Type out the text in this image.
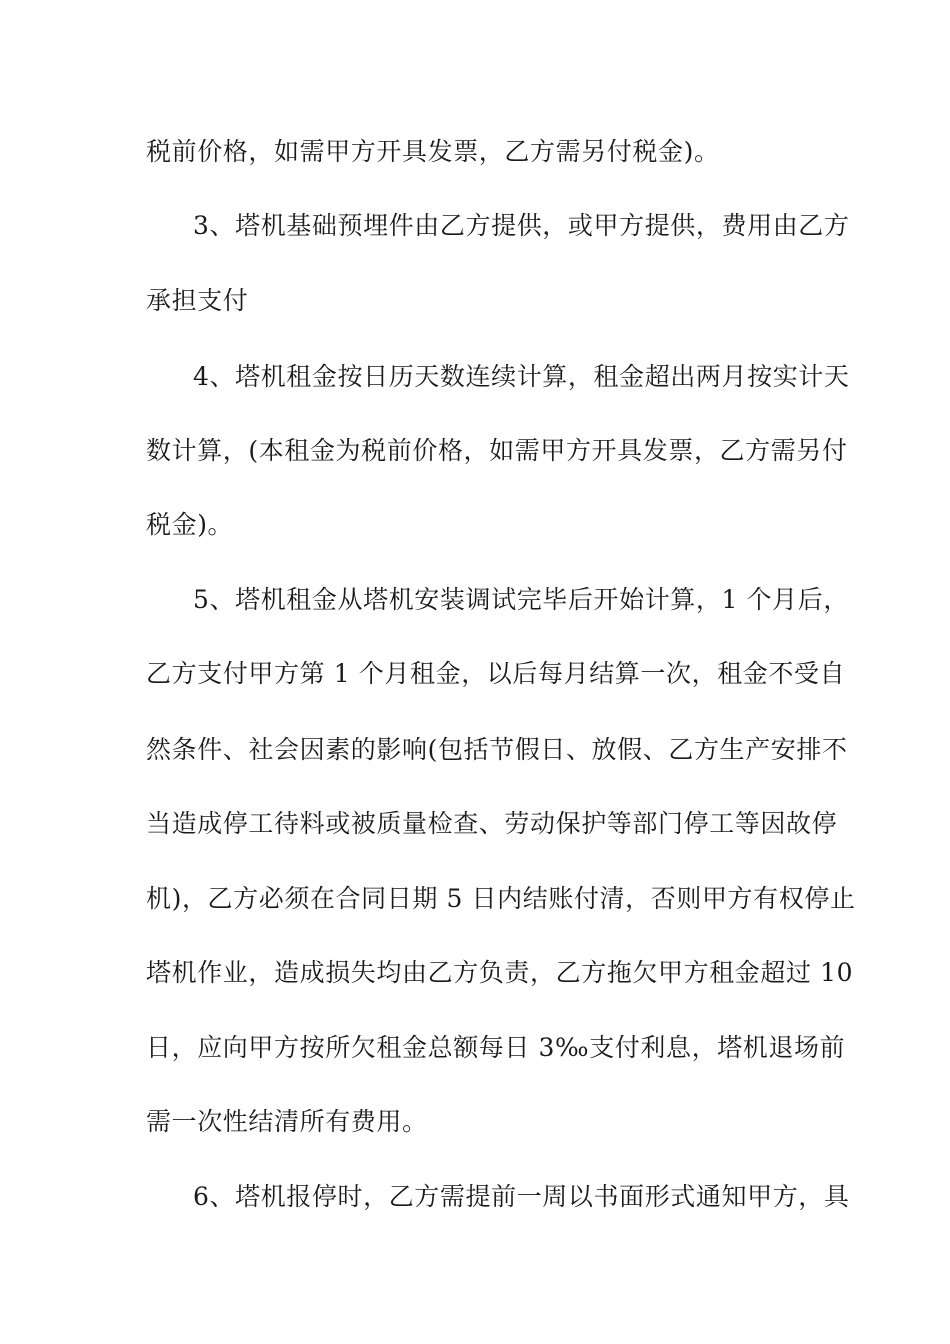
税前价格，如需甲方开具发票，乙方需另付税金)。
3、塔机基础预埋件由乙方提供，或甲方提供，费用由乙方
承担支付
4、塔机租金按日历天数连续计算，租金超出两月按实计天
数计算，(本租金为税前价格，如需甲方开具发票，乙方需另付
税金)。
5、塔机租金从塔机安装调试完毕后开始计算，1 个月后，
乙方支付甲方第 1 个月租金，以后每月结算一次，租金不受自
然条件、社会因素的影响(包括节假日、放假、乙方生产安排不
当造成停工待料或被质量检查、劳动保护等部门停工等因故停
机)，乙方必须在合同日期 5 日内结账付清，否则甲方有权停止
塔机作业，造成损失均由乙方负责，乙方拖欠甲方租金超过 10
日，应向甲方按所欠租金总额每日 3‰支付利息，塔机退场前
需一次性结清所有费用。
6、塔机报停时，乙方需提前一周以书面形式通知甲方，具
